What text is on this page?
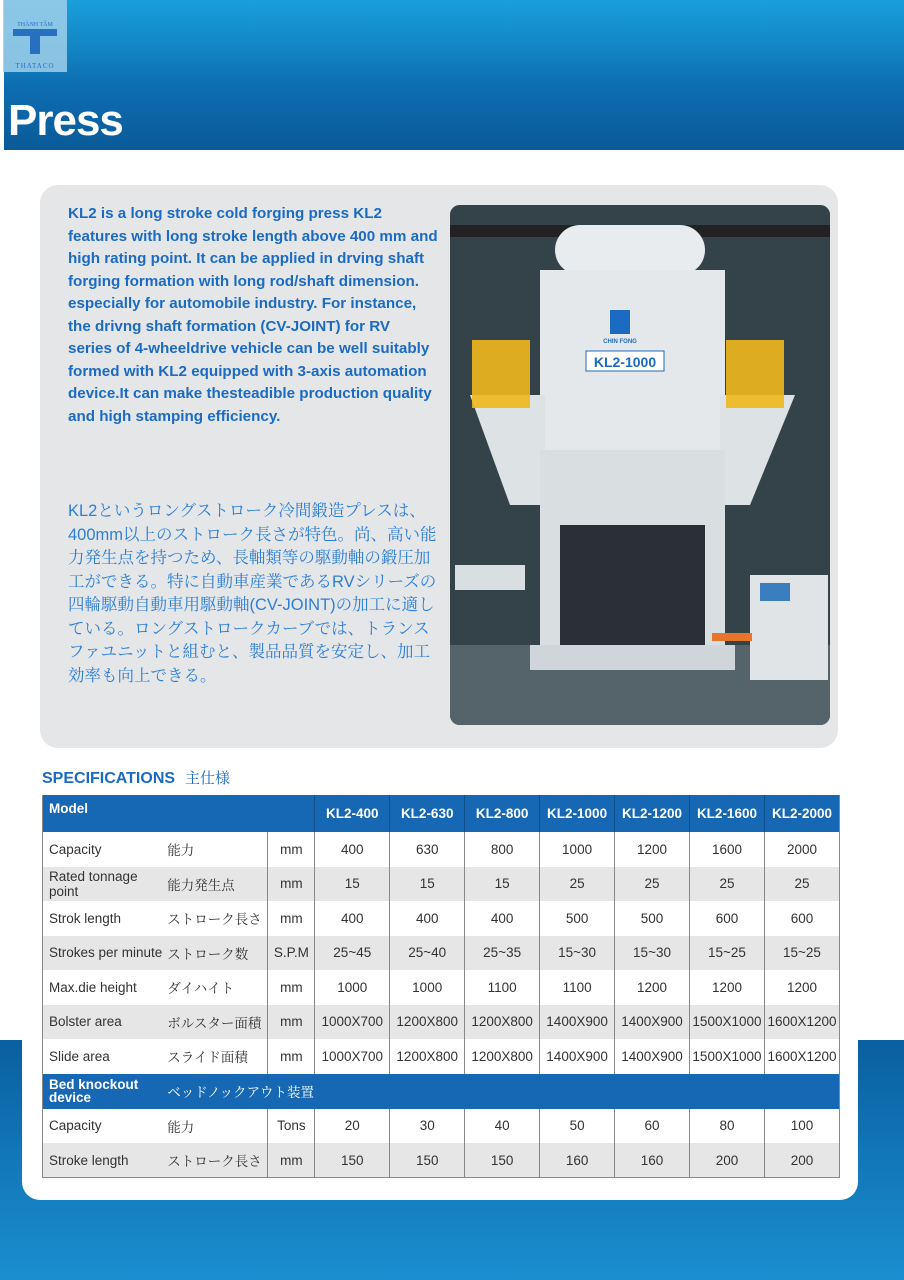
THÀNH TÂM
THATACO
Press
KL2 is a long stroke cold forging press KL2 features with long stroke length above 400 mm and high rating point. It can be applied in drving shaft forging formation with long rod/shaft dimension. especially for automobile industry. For instance, the drivng shaft formation (CV-JOINT) for RV series of 4-wheeldrive vehicle can be well suitably formed with KL2 equipped with 3-axis automation device.It can make thesteadible production quality and high stamping efficiency.
KL2というロングストローク冷間鍛造プレスは、400mm以上のストローク長さが特色。尚、高い能力発生点を持つため、長軸類等の駆動軸の鍛圧加工ができる。特に自動車産業であるRVシリーズの四輪駆動自動車用駆動軸(CV-JOINT)の加工に適している。ロングストロークカーブでは、トランスファユニットと組むと、製品品質を安定し、加工効率も向上できる。
CHIN FONG
KL2-1000
SPECIFICATIONS 主仕様
Model			KL2-400	KL2-630	KL2-800	KL2-1000	KL2-1200	KL2-1600	KL2-2000
Capacity	能力	mm	400	630	800	1000	1200	1600	2000
Rated tonnage point	能力発生点	mm	15	15	15	25	25	25	25
Strok length	ストローク長さ	mm	400	400	400	500	500	600	600
Strokes per minute	ストローク数	S.P.M	25~45	25~40	25~35	15~30	15~30	15~25	15~25
Max.die height	ダイハイト	mm	1000	1000	1100	1100	1200	1200	1200
Bolster area	ボルスター面積	mm	1000X700	1200X800	1200X800	1400X900	1400X900	1500X1000	1600X1200
Slide area	スライド面積	mm	1000X700	1200X800	1200X800	1400X900	1400X900	1500X1000	1600X1200
Bed knockout device	ベッドノックアウト装置								
Capacity	能力	Tons	20	30	40	50	60	80	100
Stroke length	ストローク長さ	mm	150	150	150	160	160	200	200
